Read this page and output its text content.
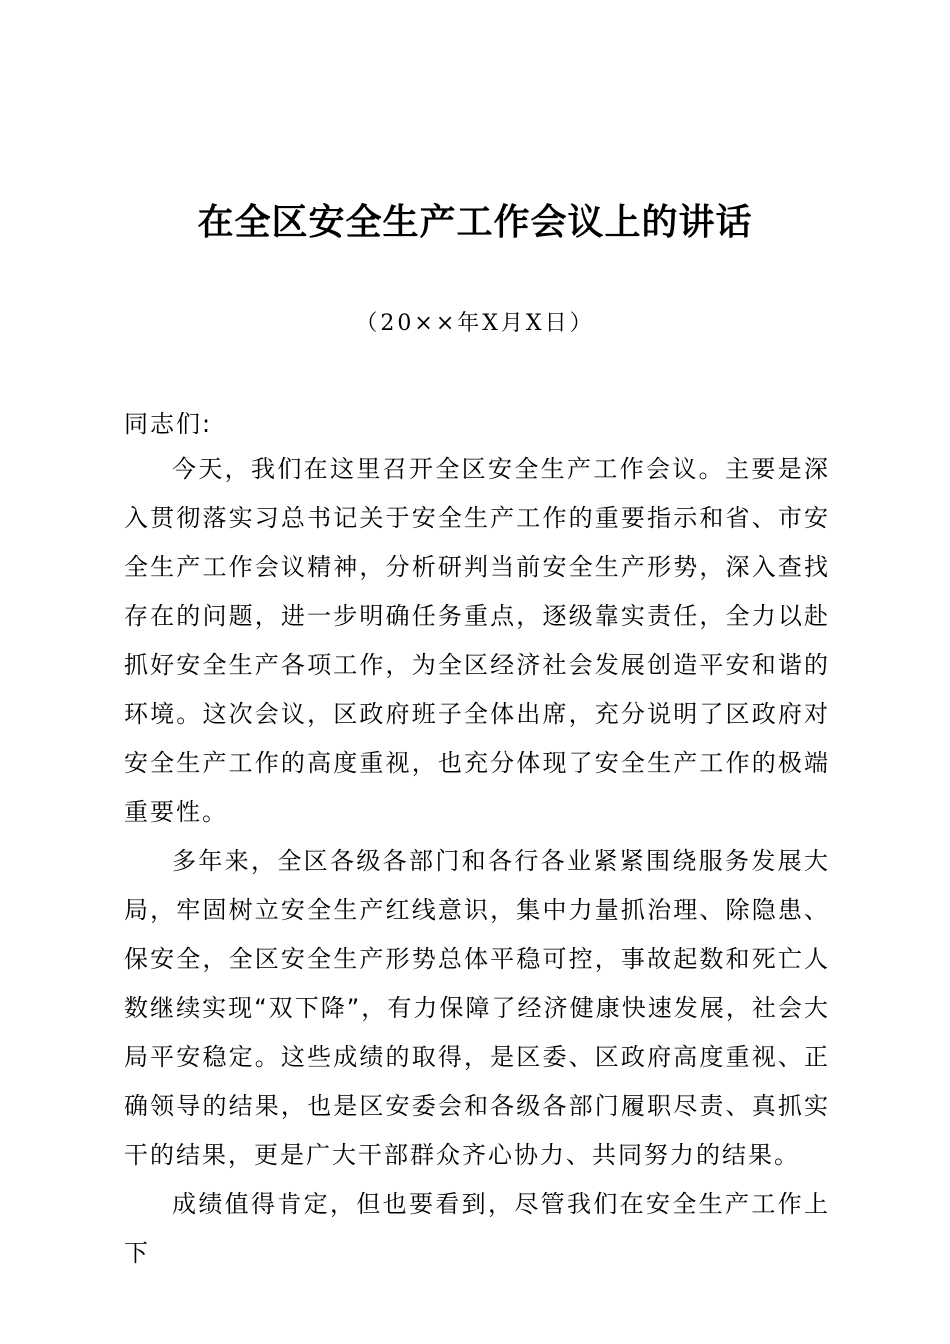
在全区安全生产工作会议上的讲话
（20××年X月X日）

同志们:

今天，我们在这里召开全区安全生产工作会议。主要是深入贯彻落实习总书记关于安全生产工作的重要指示和省、市安全生产工作会议精神，分析研判当前安全生产形势，深入查找存在的问题，进一步明确任务重点，逐级靠实责任，全力以赴抓好安全生产各项工作，为全区经济社会发展创造平安和谐的环境。这次会议，区政府班子全体出席，充分说明了区政府对安全生产工作的高度重视，也充分体现了安全生产工作的极端重要性。

多年来，全区各级各部门和各行各业紧紧围绕服务发展大局，牢固树立安全生产红线意识，集中力量抓治理、除隐患、保安全，全区安全生产形势总体平稳可控，事故起数和死亡人数继续实现“双下降”，有力保障了经济健康快速发展，社会大局平安稳定。这些成绩的取得，是区委、区政府高度重视、正确领导的结果，也是区安委会和各级各部门履职尽责、真抓实干的结果，更是广大干部群众齐心协力、共同努力的结果。

成绩值得肯定，但也要看到，尽管我们在安全生产工作上下
